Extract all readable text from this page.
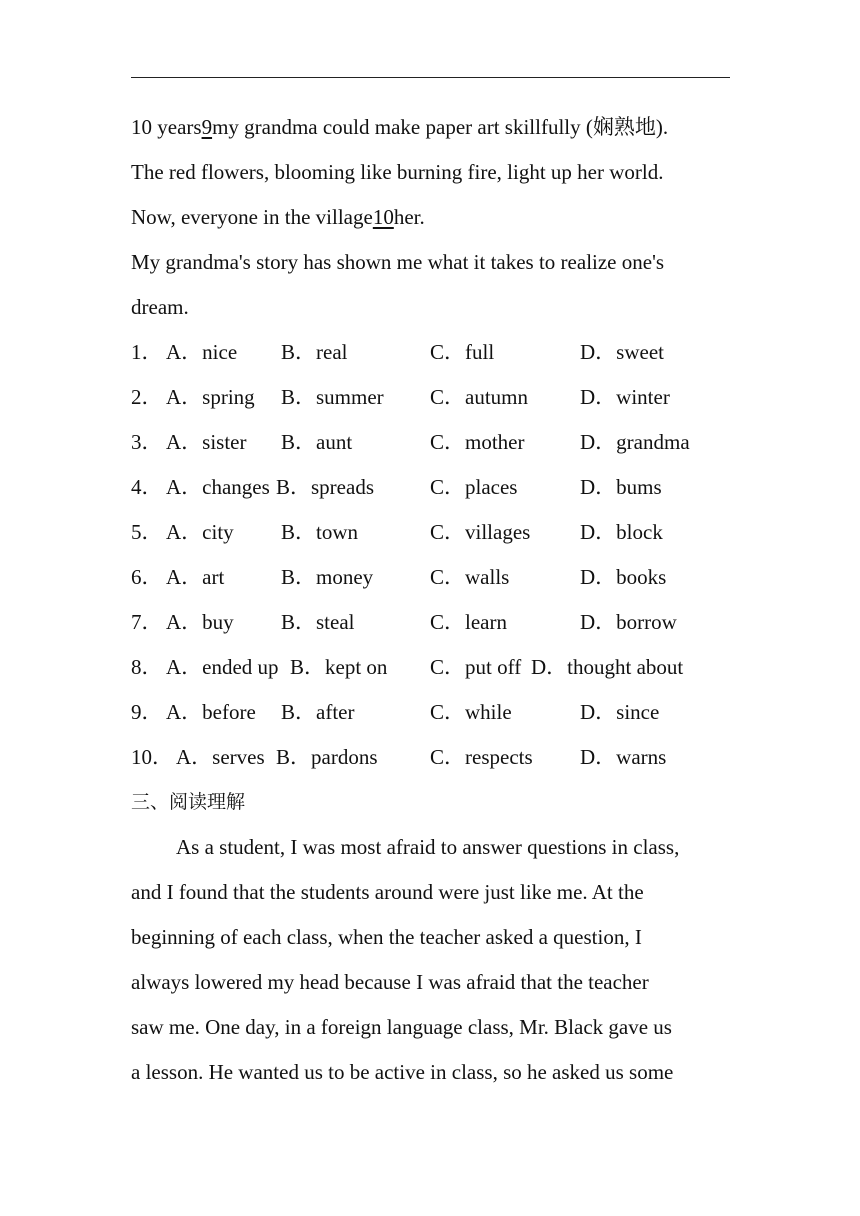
10 years9my grandma could make paper art skillfully (娴熟地).
The red flowers, blooming like burning fire, light up her world.
Now, everyone in the village10her.
My grandma's story has shown me what it takes to realize one's
dream.
1． A．nice B．real	C．full	D．sweet
2． A．spring B．summer C．autumn D．winter
3． A．sister B．aunt	C．mother	D．grandma
4． A．changes B．spreads	C．places	D．bums
5． A．city B．town	C．villages D．block
6． A．art	B．money	C．walls	D．books
7． A．buy B．steal	C．learn	D．borrow
8． A．ended up B．kept on C．put off D．thought about
9． A．before B．after	C．while	D．since
10． A．serves B．pardons	C．respects D．warns
三、阅读理解
As a student, I was most afraid to answer questions in class,
and I found that the students around were just like me. At the
beginning of each class, when the teacher asked a question, I
always lowered my head because I was afraid that the teacher
saw me. One day, in a foreign language class, Mr. Black gave us
a lesson. He wanted us to be active in class, so he asked us some
